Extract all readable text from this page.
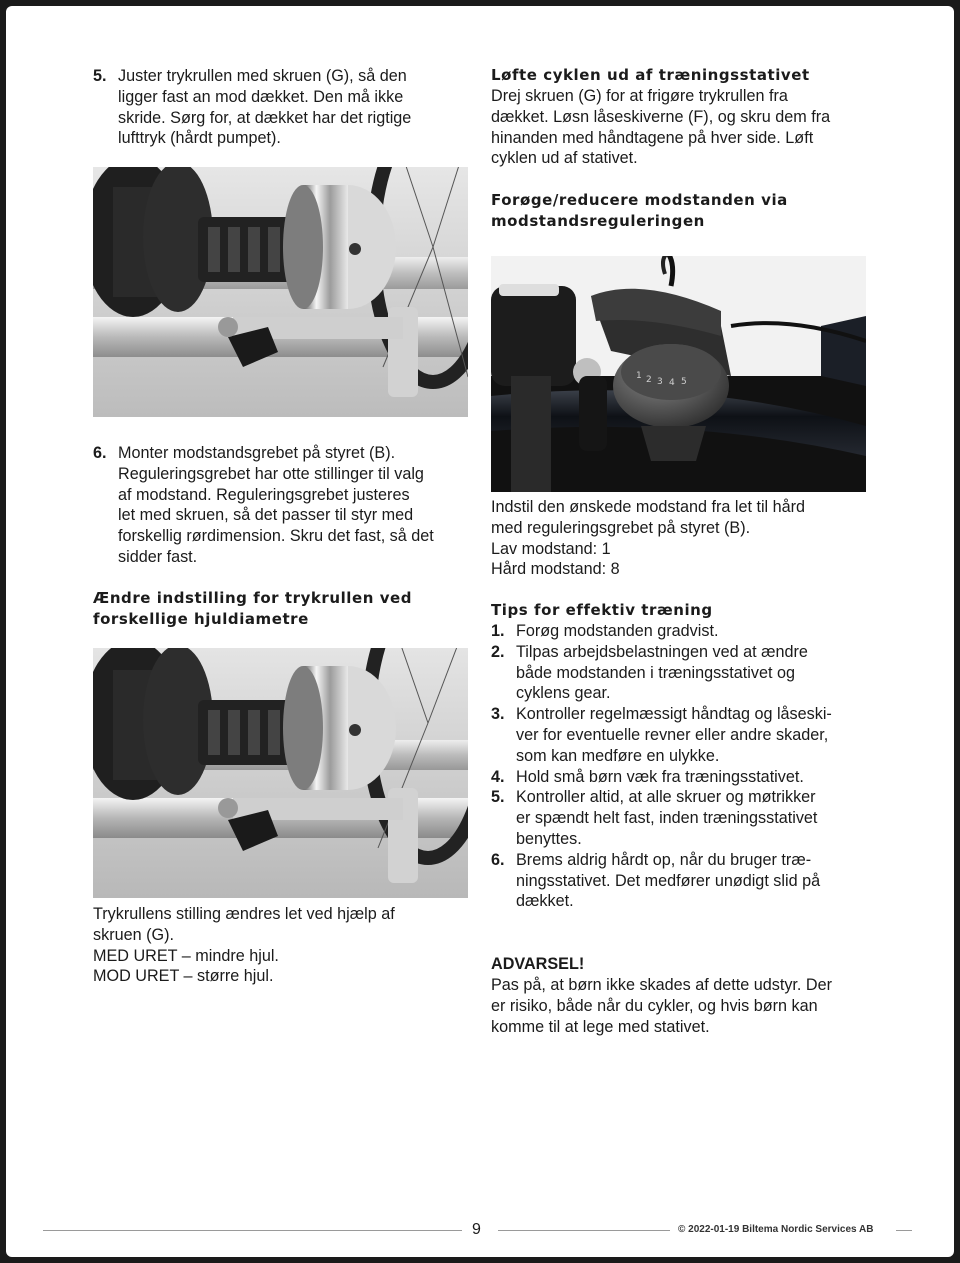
5. Juster trykrullen med skruen (G), så den
ligger fast an mod dækket. Den må ikke
skride. Sørg for, at dækket har det rigtige
lufttryk (hårdt pumpet).
6. Monter modstandsgrebet på styret (B).
Reguleringsgrebet har otte stillinger til valg
af modstand. Reguleringsgrebet justeres
let med skruen, så det passer til styr med
forskellig rørdimension. Skru det fast, så det
sidder fast.
Ændre indstilling for trykrullen ved
forskellige hjuldiametre
Trykrullens stilling ændres let ved hjælp af
skruen (G).
MED URET – mindre hjul.
MOD URET – større hjul.
Løfte cyklen ud af træningsstativet
Drej skruen (G) for at frigøre trykrullen fra
dækket. Løsn låseskiverne (F), og skru dem fra
hinanden med håndtagene på hver side. Løft
cyklen ud af stativet.
Forøge/reducere modstanden via
modstandsreguleringen
1 2 3 4 5
Indstil den ønskede modstand fra let til hård
med reguleringsgrebet på styret (B).
Lav modstand: 1
Hård modstand: 8
Tips for effektiv træning
1. Forøg modstanden gradvist.
2. Tilpas arbejdsbelastningen ved at ændre
både modstanden i træningsstativet og
cyklens gear.
3. Kontroller regelmæssigt håndtag og låseski-
ver for eventuelle revner eller andre skader,
som kan medføre en ulykke.
4. Hold små børn væk fra træningsstativet.
5. Kontroller altid, at alle skruer og møtrikker
er spændt helt fast, inden træningsstativet
benyttes.
6. Brems aldrig hårdt op, når du bruger træ-
ningsstativet. Det medfører unødigt slid på
dækket.
ADVARSEL!
Pas på, at børn ikke skades af dette udstyr. Der
er risiko, både når du cykler, og hvis børn kan
komme til at lege med stativet.
9	© 2022-01-19 Biltema Nordic Services AB
